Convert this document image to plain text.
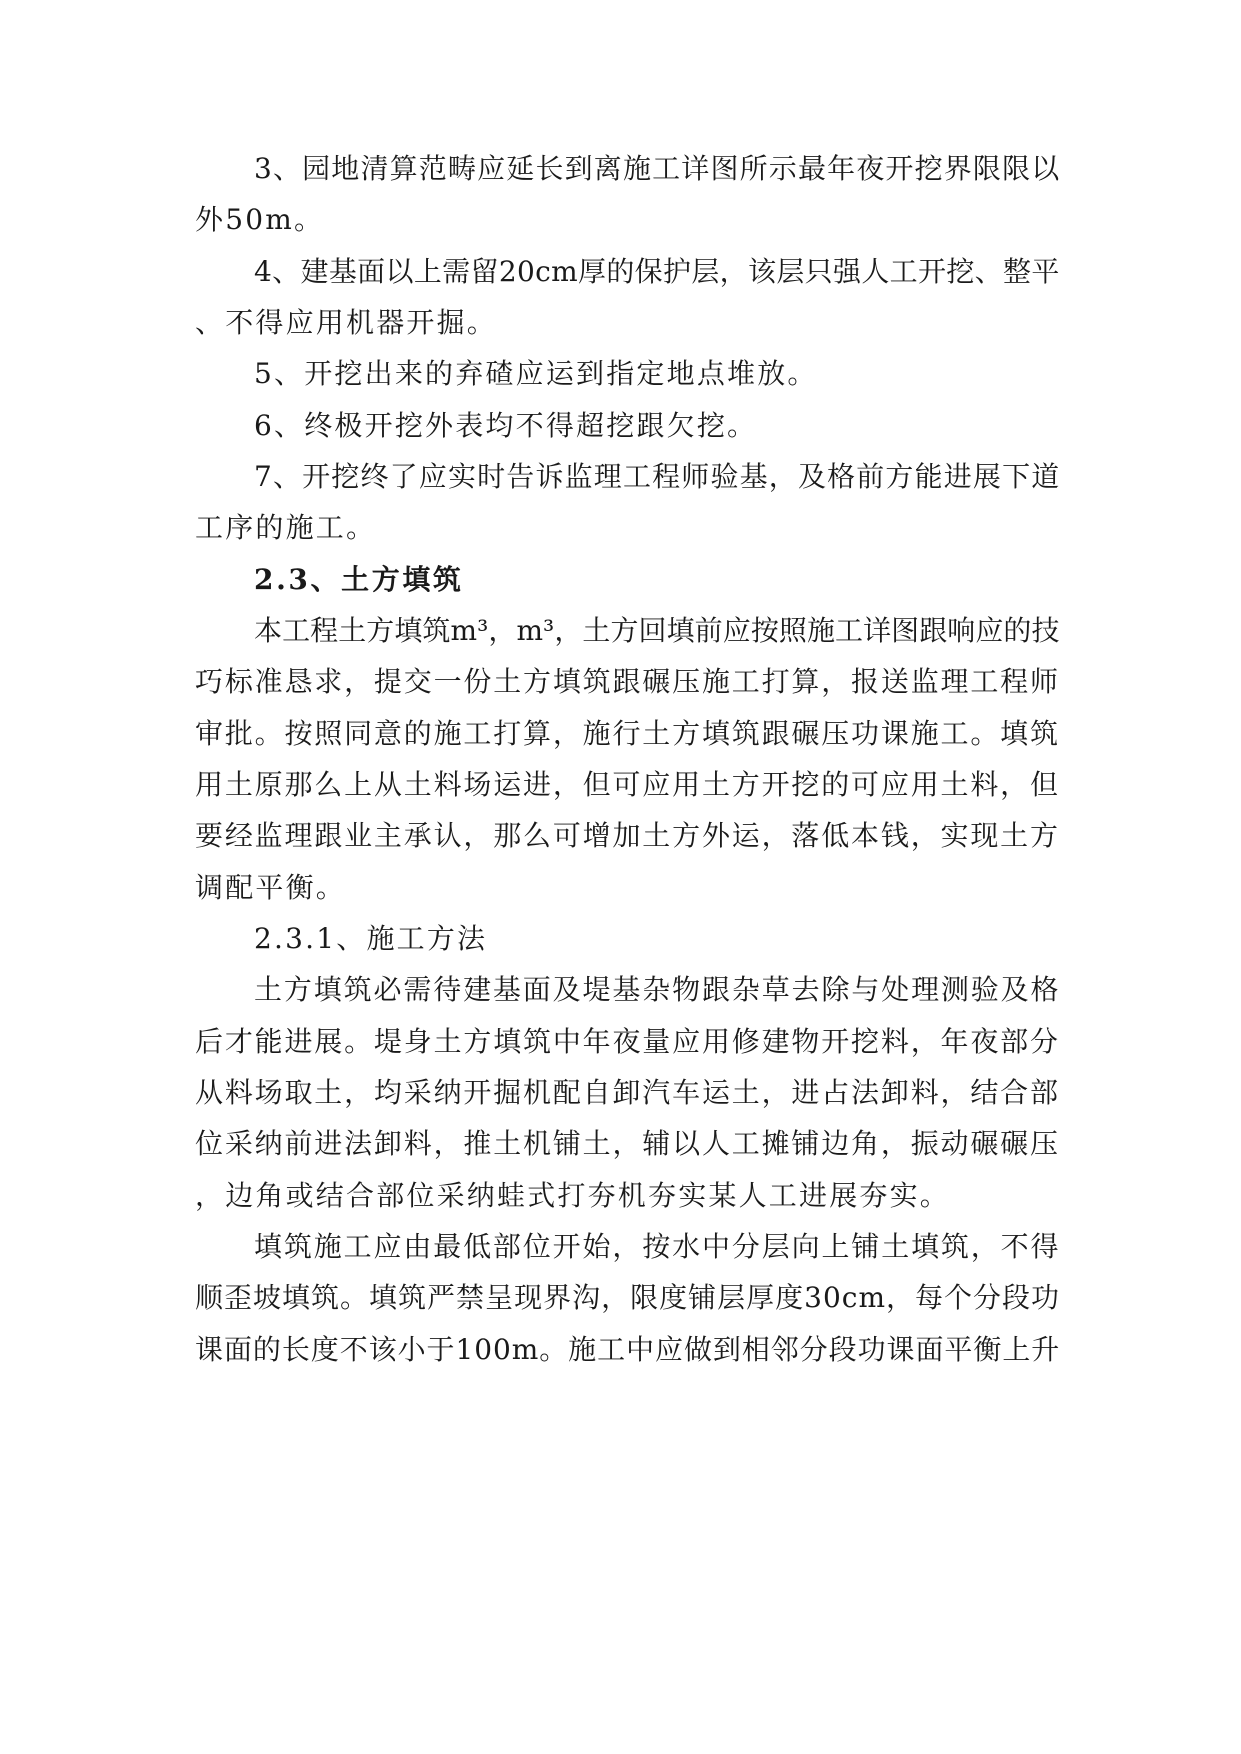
3、园地清算范畴应延长到离施工详图所示最年夜开挖界限限以
外50m。
4、建基面以上需留20cm厚的保护层，该层只强人工开挖、整平
、不得应用机器开掘。
5、开挖出来的弃碴应运到指定地点堆放。
6、终极开挖外表均不得超挖跟欠挖。
7、开挖终了应实时告诉监理工程师验基，及格前方能进展下道
工序的施工。
2.3、土方填筑
本工程土方填筑m³，m³，土方回填前应按照施工详图跟响应的技
巧标准恳求，提交一份土方填筑跟碾压施工打算，报送监理工程师
审批。按照同意的施工打算，施行土方填筑跟碾压功课施工。填筑
用土原那么上从土料场运进，但可应用土方开挖的可应用土料，但
要经监理跟业主承认，那么可增加土方外运，落低本钱，实现土方
调配平衡。
2.3.1、施工方法
土方填筑必需待建基面及堤基杂物跟杂草去除与处理测验及格
后才能进展。堤身土方填筑中年夜量应用修建物开挖料，年夜部分
从料场取土，均采纳开掘机配自卸汽车运土，进占法卸料，结合部
位采纳前进法卸料，推土机铺土，辅以人工摊铺边角，振动碾碾压
，边角或结合部位采纳蛙式打夯机夯实某人工进展夯实。
填筑施工应由最低部位开始，按水中分层向上铺土填筑，不得
顺歪坡填筑。填筑严禁呈现界沟，限度铺层厚度30cm，每个分段功
课面的长度不该小于100m。施工中应做到相邻分段功课面平衡上升
